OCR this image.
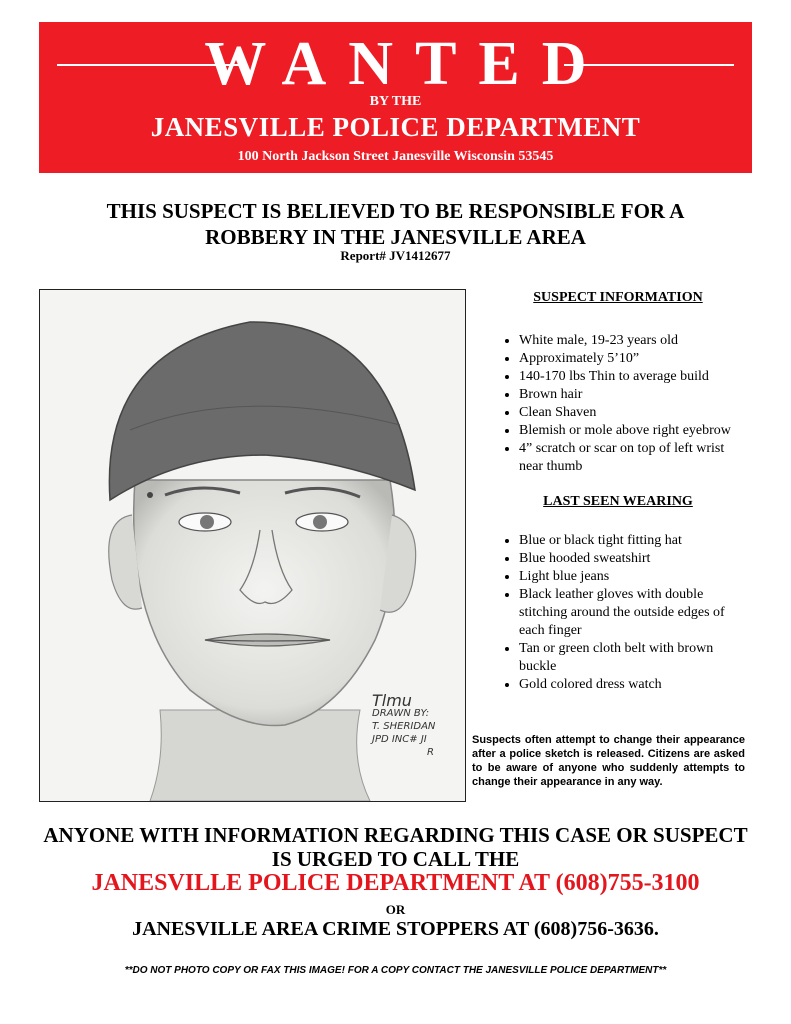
WANTED
BY THE
JANESVILLE POLICE DEPARTMENT
100 North Jackson Street Janesville Wisconsin 53545
THIS SUSPECT IS BELIEVED TO BE RESPONSIBLE FOR A
ROBBERY IN THE JANESVILLE AREA
Report# JV1412677
Tlmu
DRAWN BY:
T. SHERIDAN
JPD INC# JI
R
SUSPECT INFORMATION
• White male, 19-23 years old
• Approximately 5’10”
• 140-170 lbs Thin to average build
• Brown hair
• Clean Shaven
• Blemish or mole above right eyebrow
• 4” scratch or scar on top of left wrist near thumb
LAST SEEN WEARING
• Blue or black tight fitting hat
• Blue hooded sweatshirt
• Light blue jeans
• Black leather gloves with double stitching around the outside edges of each finger
• Tan or green cloth belt with brown buckle
• Gold colored dress watch
Suspects often attempt to change their appearance after a police sketch is released. Citizens are asked to be aware of anyone who suddenly attempts to change their appearance in any way.
ANYONE WITH INFORMATION REGARDING THIS CASE OR SUSPECT
IS URGED TO CALL THE
JANESVILLE POLICE DEPARTMENT AT (608)755-3100
OR
JANESVILLE AREA CRIME STOPPERS AT (608)756-3636.
**DO NOT PHOTO COPY OR FAX THIS IMAGE! FOR A COPY CONTACT THE JANESVILLE POLICE DEPARTMENT**
